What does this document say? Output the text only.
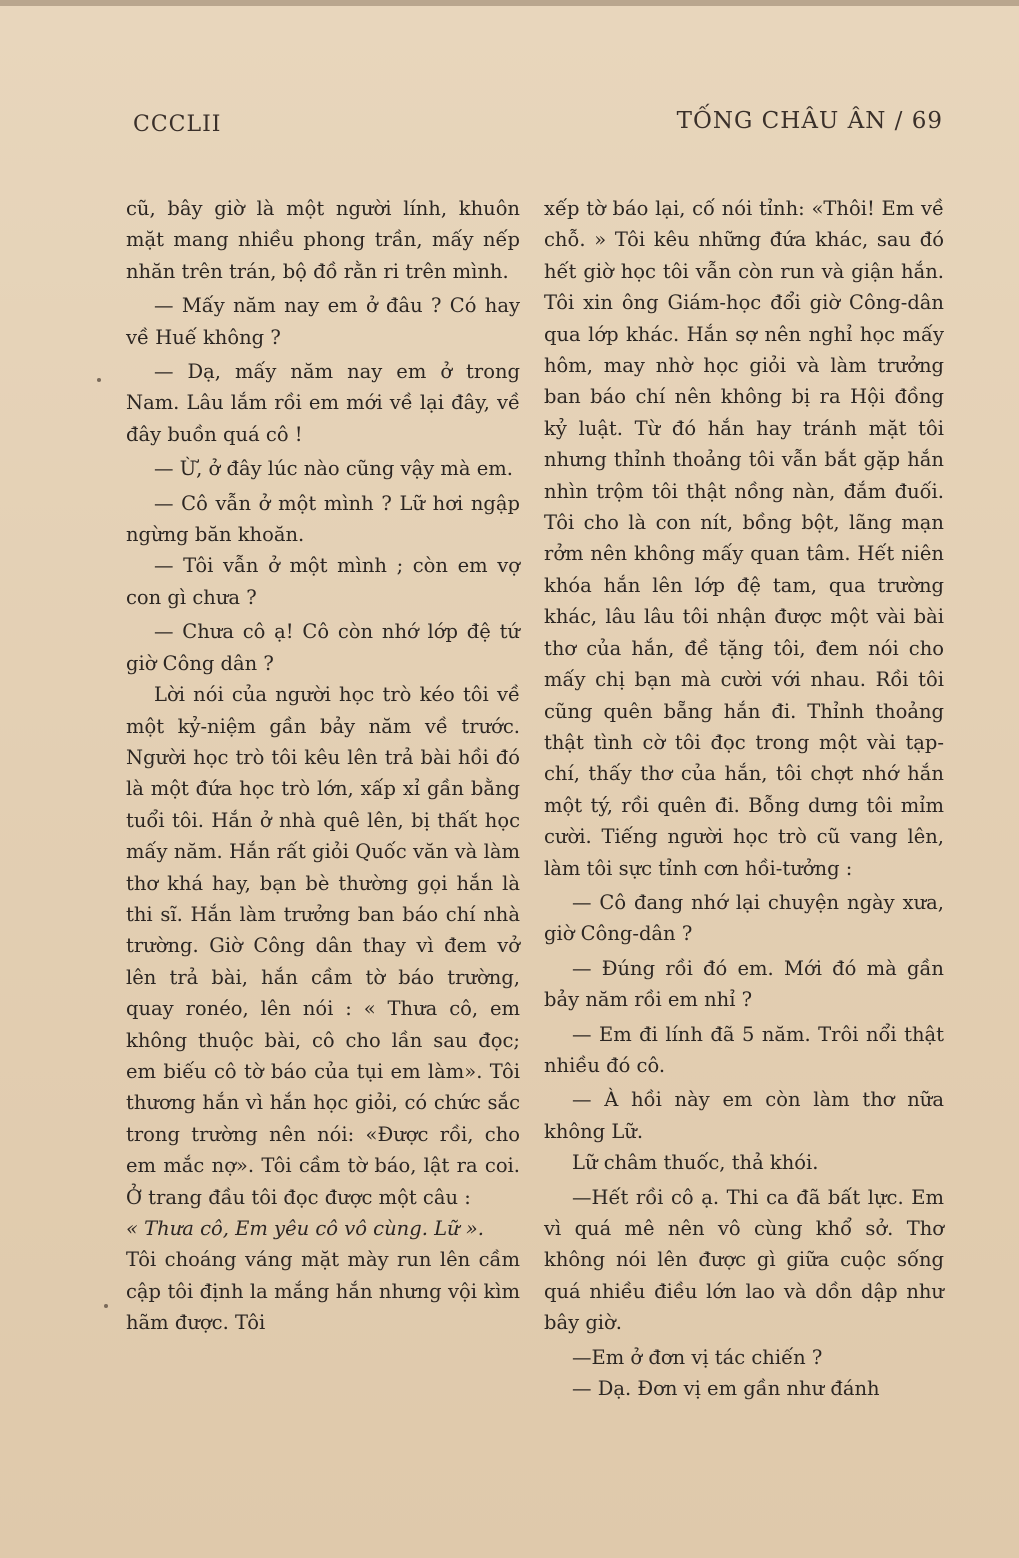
CCCLII	TỐNG CHÂU ÂN / 69

cũ, bây giờ là một người lính, khuôn mặt mang nhiều phong trần, mấy nếp nhăn trên trán, bộ đồ rằn ri trên mình.

— Mấy năm nay em ở đâu ? Có hay về Huế không ?

— Dạ, mấy năm nay em ở trong Nam. Lâu lắm rồi em mới về lại đây, về đây buồn quá cô !

— Ừ, ở đây lúc nào cũng vậy mà em.

— Cô vẫn ở một mình ? Lữ hơi ngập ngừng băn khoăn.

— Tôi vẫn ở một mình ; còn em vợ con gì chưa ?

— Chưa cô ạ! Cô còn nhớ lớp đệ tứ giờ Công dân ?

Lời nói của người học trò kéo tôi về một kỷ-niệm gần bảy năm về trước. Người học trò tôi kêu lên trả bài hồi đó là một đứa học trò lớn, xấp xỉ gần bằng tuổi tôi. Hắn ở nhà quê lên, bị thất học mấy năm. Hắn rất giỏi Quốc văn và làm thơ khá hay, bạn bè thường gọi hắn là thi sĩ. Hắn làm trưởng ban báo chí nhà trường. Giờ Công dân thay vì đem vở lên trả bài, hắn cầm tờ báo trường, quay ronéo, lên nói : « Thưa cô, em không thuộc bài, cô cho lần sau đọc; em biếu cô tờ báo của tụi em làm». Tôi thương hắn vì hắn học giỏi, có chức sắc trong trường nên nói: «Được rồi, cho em mắc nợ». Tôi cầm tờ báo, lật ra coi. Ở trang đầu tôi đọc được một câu :

« Thưa cô, Em yêu cô vô cùng. Lữ ».

Tôi choáng váng mặt mày run lên cầm cập tôi định la mắng hắn nhưng vội kìm hãm được. Tôi

xếp tờ báo lại, cố nói tỉnh: «Thôi! Em về chỗ. » Tôi kêu những đứa khác, sau đó hết giờ học tôi vẫn còn run và giận hắn. Tôi xin ông Giám-học đổi giờ Công-dân qua lớp khác. Hắn sợ nên nghỉ học mấy hôm, may nhờ học giỏi và làm trưởng ban báo chí nên không bị ra Hội đồng kỷ luật. Từ đó hắn hay tránh mặt tôi nhưng thỉnh thoảng tôi vẫn bắt gặp hắn nhìn trộm tôi thật nồng nàn, đắm đuối. Tôi cho là con nít, bồng bột, lãng mạn rởm nên không mấy quan tâm. Hết niên khóa hắn lên lớp đệ tam, qua trường khác, lâu lâu tôi nhận được một vài bài thơ của hắn, đề tặng tôi, đem nói cho mấy chị bạn mà cười với nhau. Rồi tôi cũng quên bẵng hắn đi. Thỉnh thoảng thật tình cờ tôi đọc trong một vài tạp-chí, thấy thơ của hắn, tôi chợt nhớ hắn một tý, rồi quên đi. Bỗng dưng tôi mỉm cười. Tiếng người học trò cũ vang lên, làm tôi sực tỉnh cơn hồi-tưởng :

— Cô đang nhớ lại chuyện ngày xưa, giờ Công-dân ?

— Đúng rồi đó em. Mới đó mà gần bảy năm rồi em nhỉ ?

— Em đi lính đã 5 năm. Trôi nổi thật nhiều đó cô.

— À hồi này em còn làm thơ nữa không Lữ.

Lữ châm thuốc, thả khói.

—Hết rồi cô ạ. Thi ca đã bất lực. Em vì quá mê nên vô cùng khổ sở. Thơ không nói lên được gì giữa cuộc sống quá nhiều điều lớn lao và dồn dập như bây giờ.

—Em ở đơn vị tác chiến ?

— Dạ. Đơn vị em gần như đánh
